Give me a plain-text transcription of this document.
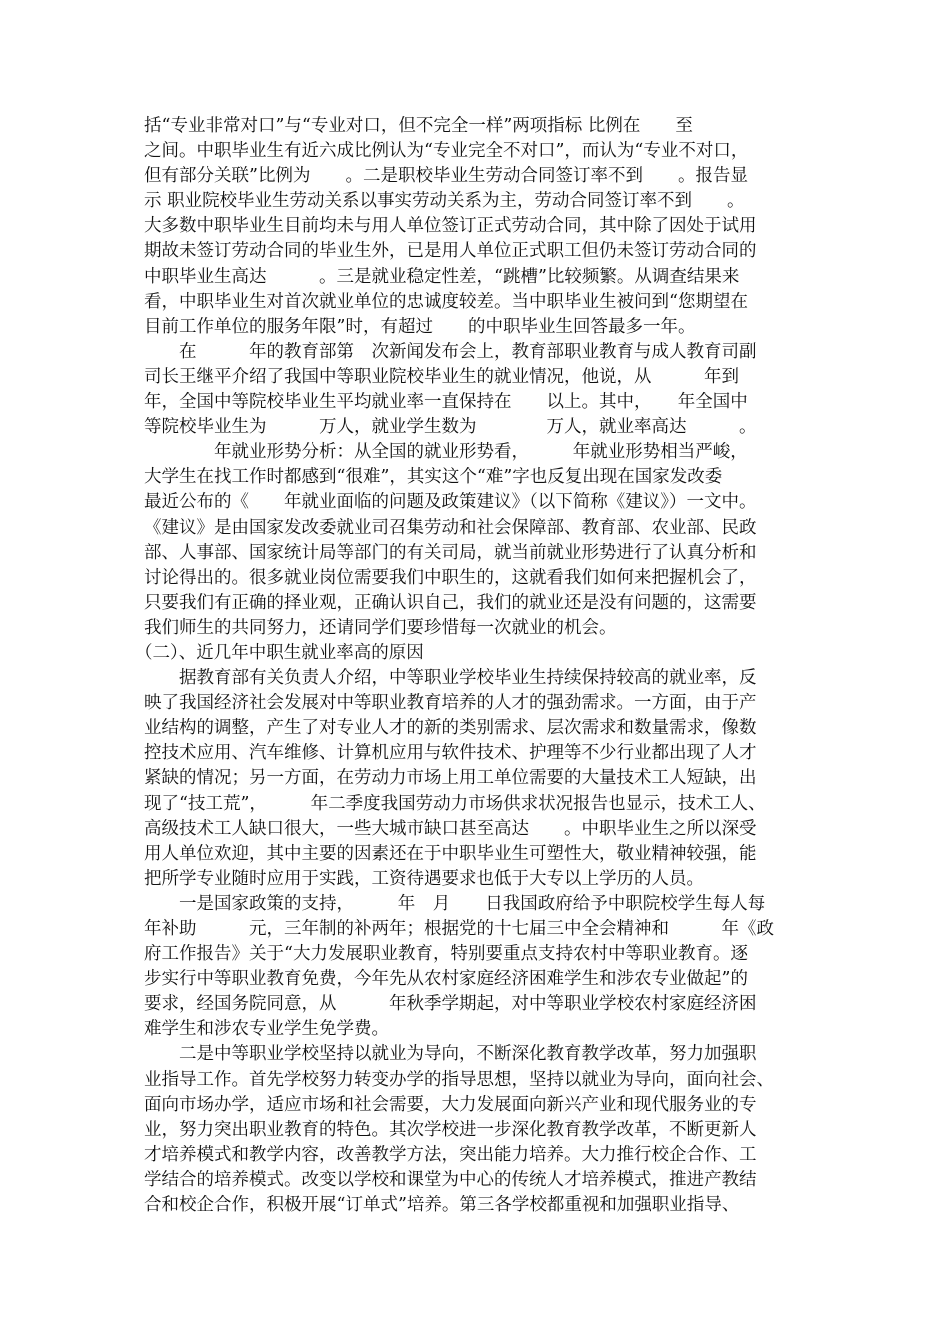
括“专业非常对口”与“专业对口，但不完全一样”两项指标 比例在　　至
之间。中职毕业生有近六成比例认为“专业完全不对口”，而认为“专业不对口，
但有部分关联”比例为　　。二是职校毕业生劳动合同签订率不到　　。报告显
示 职业院校毕业生劳动关系以事实劳动关系为主，劳动合同签订率不到　　。
大多数中职毕业生目前均未与用人单位签订正式劳动合同，其中除了因处于试用
期故未签订劳动合同的毕业生外，已是用人单位正式职工但仍未签订劳动合同的
中职毕业生高达　　　。三是就业稳定性差，“跳槽”比较频繁。从调查结果来
看，中职毕业生对首次就业单位的忠诚度较差。当中职毕业生被问到“您期望在
目前工作单位的服务年限”时，有超过　　的中职毕业生回答最多一年。
　　在　　　年的教育部第　次新闻发布会上，教育部职业教育与成人教育司副
司长王继平介绍了我国中等职业院校毕业生的就业情况，他说，从　　　年到
年，全国中等院校毕业生平均就业率一直保持在　　以上。其中，　　年全国中
等院校毕业生为　　　万人，就业学生数为　　　　万人，就业率高达　　　。
　　　　年就业形势分析：从全国的就业形势看，　　　年就业形势相当严峻，
大学生在找工作时都感到“很难”，其实这个“难”字也反复出现在国家发改委
最近公布的《　　年就业面临的问题及政策建议》（以下简称《建议》）一文中。
《建议》是由国家发改委就业司召集劳动和社会保障部、教育部、农业部、民政
部、人事部、国家统计局等部门的有关司局，就当前就业形势进行了认真分析和
讨论得出的。很多就业岗位需要我们中职生的，这就看我们如何来把握机会了，
只要我们有正确的择业观，正确认识自己，我们的就业还是没有问题的，这需要
我们师生的共同努力，还请同学们要珍惜每一次就业的机会。
（二）、近几年中职生就业率高的原因
　　据教育部有关负责人介绍，中等职业学校毕业生持续保持较高的就业率，反
映了我国经济社会发展对中等职业教育培养的人才的强劲需求。一方面，由于产
业结构的调整，产生了对专业人才的新的类别需求、层次需求和数量需求，像数
控技术应用、汽车维修、计算机应用与软件技术、护理等不少行业都出现了人才
紧缺的情况；另一方面，在劳动力市场上用工单位需要的大量技术工人短缺，出
现了“技工荒”，　　　年二季度我国劳动力市场供求状况报告也显示，技术工人、
高级技术工人缺口很大，一些大城市缺口甚至高达　　。中职毕业生之所以深受
用人单位欢迎，其中主要的因素还在于中职毕业生可塑性大，敬业精神较强，能
把所学专业随时应用于实践，工资待遇要求也低于大专以上学历的人员。
　　一是国家政策的支持，　　　年　月　　日我国政府给予中职院校学生每人每
年补助　　　元，三年制的补两年；根据党的十七届三中全会精神和　　　年《政
府工作报告》关于“大力发展职业教育，特别要重点支持农村中等职业教育。逐
步实行中等职业教育免费，今年先从农村家庭经济困难学生和涉农专业做起”的
要求，经国务院同意，从　　　年秋季学期起，对中等职业学校农村家庭经济困
难学生和涉农专业学生免学费。
　　二是中等职业学校坚持以就业为导向，不断深化教育教学改革，努力加强职
业指导工作。首先学校努力转变办学的指导思想，坚持以就业为导向，面向社会、
面向市场办学，适应市场和社会需要，大力发展面向新兴产业和现代服务业的专
业，努力突出职业教育的特色。其次学校进一步深化教育教学改革，不断更新人
才培养模式和教学内容，改善教学方法，突出能力培养。大力推行校企合作、工
学结合的培养模式。改变以学校和课堂为中心的传统人才培养模式，推进产教结
合和校企合作，积极开展“订单式”培养。第三各学校都重视和加强职业指导、
